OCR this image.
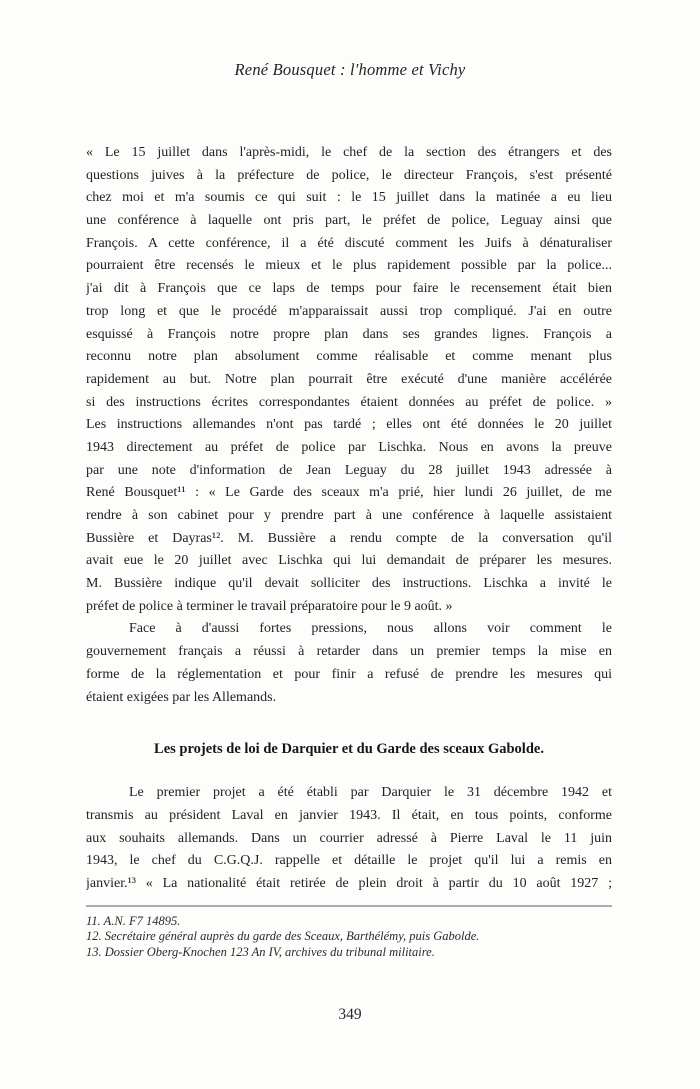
René Bousquet : l'homme et Vichy
« Le 15 juillet dans l'après-midi, le chef de la section des étrangers et des
questions juives à la préfecture de police, le directeur François, s'est présenté
chez moi et m'a soumis ce qui suit : le 15 juillet dans la matinée a eu lieu
une conférence à laquelle ont pris part, le préfet de police, Leguay ainsi que
François. A cette conférence, il a été discuté comment les Juifs à dénaturaliser
pourraient être recensés le mieux et le plus rapidement possible par la police...
j'ai dit à François que ce laps de temps pour faire le recensement était bien
trop long et que le procédé m'apparaissait aussi trop compliqué. J'ai en outre
esquissé à François notre propre plan dans ses grandes lignes. François a
reconnu notre plan absolument comme réalisable et comme menant plus
rapidement au but. Notre plan pourrait être exécuté d'une manière accélérée
si des instructions écrites correspondantes étaient données au préfet de police. »
Les instructions allemandes n'ont pas tardé ; elles ont été données le 20 juillet
1943 directement au préfet de police par Lischka. Nous en avons la preuve
par une note d'information de Jean Leguay du 28 juillet 1943 adressée à
René Bousquet¹¹ : « Le Garde des sceaux m'a prié, hier lundi 26 juillet, de me
rendre à son cabinet pour y prendre part à une conférence à laquelle assistaient
Bussière et Dayras¹². M. Bussière a rendu compte de la conversation qu'il
avait eue le 20 juillet avec Lischka qui lui demandait de préparer les mesures.
M. Bussière indique qu'il devait solliciter des instructions. Lischka a invité le
préfet de police à terminer le travail préparatoire pour le 9 août. »
Face à d'aussi fortes pressions, nous allons voir comment le
gouvernement français a réussi à retarder dans un premier temps la mise en
forme de la réglementation et pour finir a refusé de prendre les mesures qui
étaient exigées par les Allemands.
Les projets de loi de Darquier et du Garde des sceaux Gabolde.
Le premier projet a été établi par Darquier le 31 décembre 1942 et
transmis au président Laval en janvier 1943. Il était, en tous points, conforme
aux souhaits allemands. Dans un courrier adressé à Pierre Laval le 11 juin
1943, le chef du C.G.Q.J. rappelle et détaille le projet qu'il lui a remis en
janvier.¹³ « La nationalité était retirée de plein droit à partir du 10 août 1927 ;
11. A.N. F7 14895.
12. Secrétaire général auprès du garde des Sceaux, Barthélémy, puis Gabolde.
13. Dossier Oberg-Knochen 123 An IV, archives du tribunal militaire.
349
